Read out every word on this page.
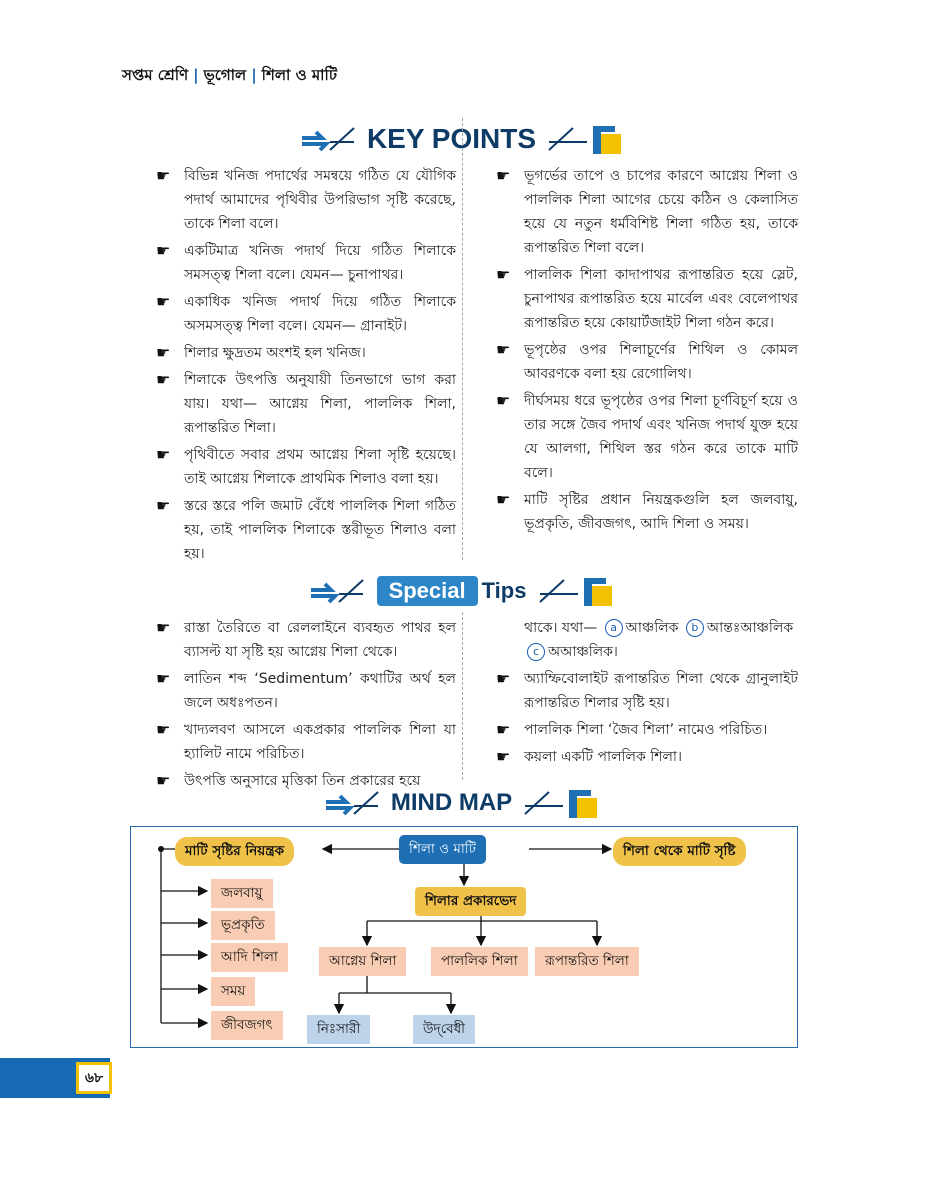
সপ্তম শ্রেণি | ভূগোল | শিলা ও মাটি
KEY POINTS
☛ বিভিন্ন খনিজ পদার্থের সমন্বয়ে গঠিত যে যৌগিক পদার্থ আমাদের পৃথিবীর উপরিভাগ সৃষ্টি করেছে, তাকে শিলা বলে।
☛ একটিমাত্র খনিজ পদার্থ দিয়ে গঠিত শিলাকে সমসত্ত্ব শিলা বলে। যেমন— চুনাপাথর।
☛ একাধিক খনিজ পদার্থ দিয়ে গঠিত শিলাকে অসমসত্ত্ব শিলা বলে। যেমন— গ্রানাইট।
☛ শিলার ক্ষুদ্রতম অংশই হল খনিজ।
☛ শিলাকে উৎপত্তি অনুযায়ী তিনভাগে ভাগ করা যায়। যথা— আগ্নেয় শিলা, পাললিক শিলা, রূপান্তরিত শিলা।
☛ পৃথিবীতে সবার প্রথম আগ্নেয় শিলা সৃষ্টি হয়েছে। তাই আগ্নেয় শিলাকে প্রাথমিক শিলাও বলা হয়।
☛ স্তরে স্তরে পলি জমাট বেঁধে পাললিক শিলা গঠিত হয়, তাই পাললিক শিলাকে স্তরীভূত শিলাও বলা হয়।
☛ ভূগর্ভের তাপে ও চাপের কারণে আগ্নেয় শিলা ও পাললিক শিলা আগের চেয়ে কঠিন ও কেলাসিত হয়ে যে নতুন ধর্মবিশিষ্ট শিলা গঠিত হয়, তাকে রূপান্তরিত শিলা বলে।
☛ পাললিক শিলা কাদাপাথর রূপান্তরিত হয়ে স্লেট, চুনাপাথর রূপান্তরিত হয়ে মার্বেল এবং বেলেপাথর রূপান্তরিত হয়ে কোয়ার্টজাইট শিলা গঠন করে।
☛ ভূপৃষ্ঠের ওপর শিলাচূর্ণের শিথিল ও কোমল আবরণকে বলা হয় রেগোলিথ।
☛ দীর্ঘসময় ধরে ভূপৃষ্ঠের ওপর শিলা চূর্ণবিচূর্ণ হয়ে ও তার সঙ্গে জৈব পদার্থ এবং খনিজ পদার্থ যুক্ত হয়ে যে আলগা, শিথিল স্তর গঠন করে তাকে মাটি বলে।
☛ মাটি সৃষ্টির প্রধান নিয়ন্ত্রকগুলি হল জলবায়ু, ভূপ্রকৃতি, জীবজগৎ, আদি শিলা ও সময়।
Special Tips
☛ রাস্তা তৈরিতে বা রেললাইনে ব্যবহৃত পাথর হল ব্যাসল্ট যা সৃষ্টি হয় আগ্নেয় শিলা থেকে।
☛ লাতিন শব্দ ‘Sedimentum’ কথাটির অর্থ হল জলে অধঃপতন।
☛ খাদ্যলবণ আসলে একপ্রকার পাললিক শিলা যা হ্যালিট নামে পরিচিত।
☛ উৎপত্তি অনুসারে মৃত্তিকা তিন প্রকারের হয়ে
থাকে। যথা— a আঞ্চলিক b আন্তঃআঞ্চলিক c অআঞ্চলিক।
☛ অ্যাম্ফিবোলাইট রূপান্তরিত শিলা থেকে গ্রানুলাইট রূপান্তরিত শিলার সৃষ্টি হয়।
☛ পাললিক শিলা ‘জৈব শিলা’ নামেও পরিচিত।
☛ কয়লা একটি পাললিক শিলা।
MIND MAP
শিলা ও মাটি
মাটি সৃষ্টির নিয়ন্ত্রক	শিলা থেকে মাটি সৃষ্টি
জলবায়ু
ভূপ্রকৃতি
আদি শিলা
সময়
জীবজগৎ
শিলার প্রকারভেদ
আগ্নেয় শিলা	পাললিক শিলা	রূপান্তরিত শিলা
নিঃসারী	উদ্‌বেধী
৬৮
